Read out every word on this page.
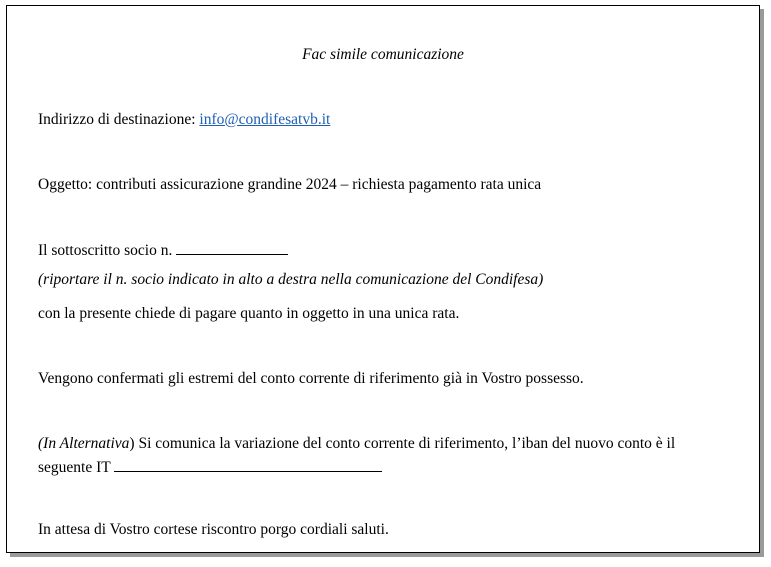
Fac simile comunicazione
Indirizzo di destinazione: info@condifesatvb.it
Oggetto: contributi assicurazione grandine 2024 – richiesta pagamento rata unica
Il sottoscritto socio n.
(riportare il n. socio indicato in alto a destra nella comunicazione del Condifesa)
con la presente chiede di pagare quanto in oggetto in una unica rata.
Vengono confermati gli estremi del conto corrente di riferimento già in Vostro possesso.
(In Alternativa) Si comunica la variazione del conto corrente di riferimento, l’iban del nuovo conto è il
seguente IT
In attesa di Vostro cortese riscontro porgo cordiali saluti.
